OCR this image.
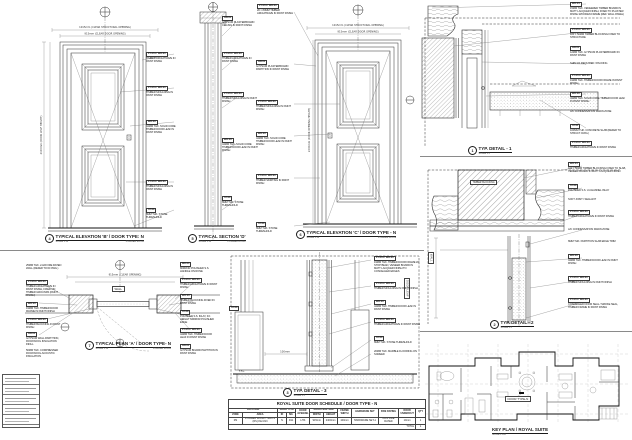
1015mm (CLEAR STRUCTURAL OPENING)
915mm (CLEAR DOOR OPENING)
2400mm (DOOR LEAF HEIGHT)
1015mm (CLEAR STRUCTURAL OPENING)
915mm (CLEAR DOOR OPENING)
2400mm (DOOR OPENING HEIGHT)
915mm (CLEAR OPENING)
WALL
100mm
F.F.L.
DOOR LEAF
WALL
TIMBER BLOCKING
DOOR TYPE-N
4	TYPICAL ELEVATION 'B' / DOOR TYPE: N
SCALE 1:10	POWDER ROOM
5	TYPICAL SECTION 'D'
SCALE 1:10	POWDER ROOM
6	TYPICAL ELEVATION 'C' / DOOR TYPE - N
SCALE 1:10	POWDER ROOM
1	TYP. DETAIL - 1
SCALE 1:5
2	TYP. DETAIL - 2
SCALE 1:5
3	TYP. DETAIL - 3
SCALE 1:5
7	TYPICAL PLAN 'A' / DOOR TYPE- N
SCALE 1:10	POWDER ROOM
KEY PLAN / ROYAL SUITE
SCALE 1:100
ROYAL SUITE DOOR SCHEDULE / DOOR TYPE - N											
LOCATION		DOOR TYPE		DOOR OPENING	DOOR LEAF SIZE		FRAME WIDTH	HARDWARE SET	FIRE RATING	DOOR UNDERCUT	QTY
ZONE	AREA	ID	NO.		WIDTH	HEIGHT					
RS	POWDER ROOM / HALL-1 (RS) 812-813	N	D11	LHS	915mm	2400mm	100mm	HARDWARE SET-1	NON FIRE RATED	10mm	1
TOTAL											1
PT.051 / WD.03
TIMBER ARCHITRAVE IN PAINT FINISH
PT.051 / WD.03
TIMBER MOULDING IN PAINT FINISH
WD.03
44MM THK. SOLID CORE TIMBER DOOR LEAF IN PAINT FINISH
PT.051 / WD.03
TIMBER MOULDING IN PAINT FINISH
ST.06
6MM THK. STONE THRESHOLD
GB.01
GYPSUM PLASTERBOARD CEILING IN PAINT FINISH
PT.051 / WD.03
TIMBER ARCHITRAVE IN PAINT FINISH
PT.051 / WD.03
TIMBER MOULDING IN PAINT FINISH
WD.03
44MM THK. SOLID CORE TIMBER DOOR LEAF IN PAINT FINISH
ST.06
6MM THK. STONE THRESHOLD
PT.051 / WD.03
20 × 80MM TIMBER ARCHITRAVE IN PAINT FINISH
GB.01
GYPSUM PLASTERBOARD PARTITION IN PAINT FINISH
PT.051 / WD.03
TIMBER MOULDING IN PAINT FINISH
WD.03
44MM THK. SOLID CORE TIMBER DOOR LEAF IN PAINT FINISH
PT.051 / WD.03
TIMBER SKIRTING IN PAINT FINISH
ST.06
6MM THK. STONE THRESHOLD
WD.04
15MM THK. VENEERED TIMBER BOARD IN MATT LACQUER FINISH, FIXED TO PLASTER FINISH WOODEN FRAME (REF. WALL PANEL)
PT.051 / WD.03
100 × 50MM TIMBER BLOCKING FIXED TO STRUCTURE
GB.01
12MM THK. GYPSUM PLASTERBOARD IN PAINT FINISH
SHIM AS REQUIRED / PACKING
PT.051 / WD.03
19MM THK. TIMBER DOOR FRAME IN PAINT FINISH
WD.03
44MM THK. SOLID CORE TIMBER DOOR LEAF IN PAINT FINISH
A/C CONDENSATION DRAIN ZONE
ST.01
100MM THK. CONCRETE SLAB (REFER TO STRUCT. DWG.)
PT.051 / WD.03
TIMBER ARCHITRAVE IN PAINT FINISH
WD.04
100 × 50MM TIMBER BLOCKING FIXED TO SLAB, VENEER BOARD IN MATT LACQUER FINISH
ST.08
POLISHED S.S. U-CHANNEL INLAY
SOFT JOINT / SEALANT
PT.051 / WD.03
TIMBER ARCHITRAVE IN PAINT FINISH
A/C CONDENSATION DRAIN ZONE
6MM THK. PARTITION SLAB EDGE TRIM
WD.03
44MM THK. TIMBER DOOR LEAF IN PAINT FINISH
PT.051 / WD.03
TIMBER MOULDING IN PAINT FINISH
PT.051 / WD.03
CONCEALED DOOR SEAL / SMOKE SEAL, TIMBER FRAME IN PAINT FINISH
25MM THK. 2-HR FIRE RATED WALL (REFER TO ID DWG.)
PT.051 / WD.03
TIMBER ARCHITRAVE IN PAINT FINISH, FIXED ON TIMBER GROUNDS (PAINT FINISH)
WD.03
19MM THK. TIMBER DOOR FRAME IN PAINT FINISH
PT.051 / WD.03
TIMBER BLOCKING IN PAINT FINISH
GB.01
GYPSUM WALL PARTITION, ROCKWOOL INSULATION INFILL
50MM THK. COMPRESSED ROCKWOOL ACOUSTIC INSULATION
MR.04
MIRROR POLISHED S.S. HANDLE ON ROSE
PT.051 / WD.03
TIMBER ARCHITRAVE IN PAINT FINISH
WD.03
TIMBER BLOCKING FIXED IN PAINT FINISH
ST.08
POLISHED S.S. INLAY, F.F. HEIGHT MIRROR POLISHED EDGE
PT.051 / WD.03
44MM THK. TIMBER DOOR LEAF IN PAINT FINISH
GB.01
GYPSUM BOARD PARTITION IN PAINT FINISH
PT.051 / WD.03
19MM THK. TIMBER DOOR FRAME W/ STOP BEAD, VENEER BOARD IN MATT LACQUER FINISH TO CONCEALED EDGES
PT.051 / WD.03
TIMBER MOULDING IN PAINT FINISH
WD.03
44MM THK. TIMBER DOOR LEAF IN PAINT FINISH
PT.051 / WD.03
TIMBER ARCHITRAVE IN PAINT FINISH
ST.06
6MM THK. STONE THRESHOLD
20MM THK. MARBLE FLOORING ON SCREED
ST.06
